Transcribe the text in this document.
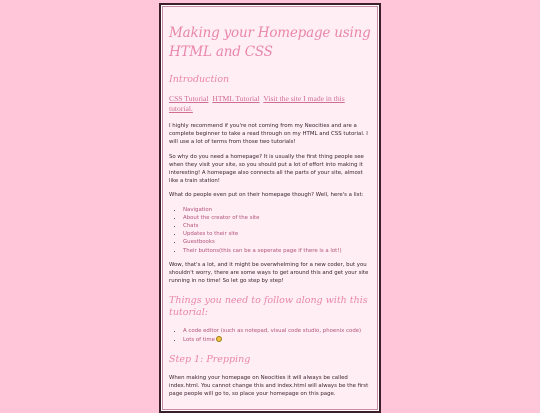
Making your Homepage using HTML and CSS
Introduction
CSS Tutorial HTML Tutorial Visit the site I made in this tutorial.
I highly recommend if you're not coming from my Neocities and are a complete beginner to take a read through on my HTML and CSS tutorial. I will use a lot of terms from those two tutorials!
So why do you need a homepage? It is usually the first thing people see when they visit your site, so you should put a lot of effort into making it interesting! A homepage also connects all the parts of your site, almost like a train station!
What do people even put on their homepage though? Well, here's a list:
• Navigation
• About the creator of the site
• Chats
• Updates to their site
• Guestbooks
• Their buttons(this can be a seperate page if there is a lot!)
Wow, that's a lot, and it might be overwhelming for a new coder, but you shouldn't worry, there are some ways to get around this and get your site running in no time! So let go step by step!
Things you need to follow along with this tutorial:
• A code editor (such as notepad, visual code studio, phoenix code)
• Lots of time
Step 1: Prepping
When making your homepage on Neocities it will always be called index.html. You cannot change this and index.html will always be the first page people will go to, so place your homepage on this page.
